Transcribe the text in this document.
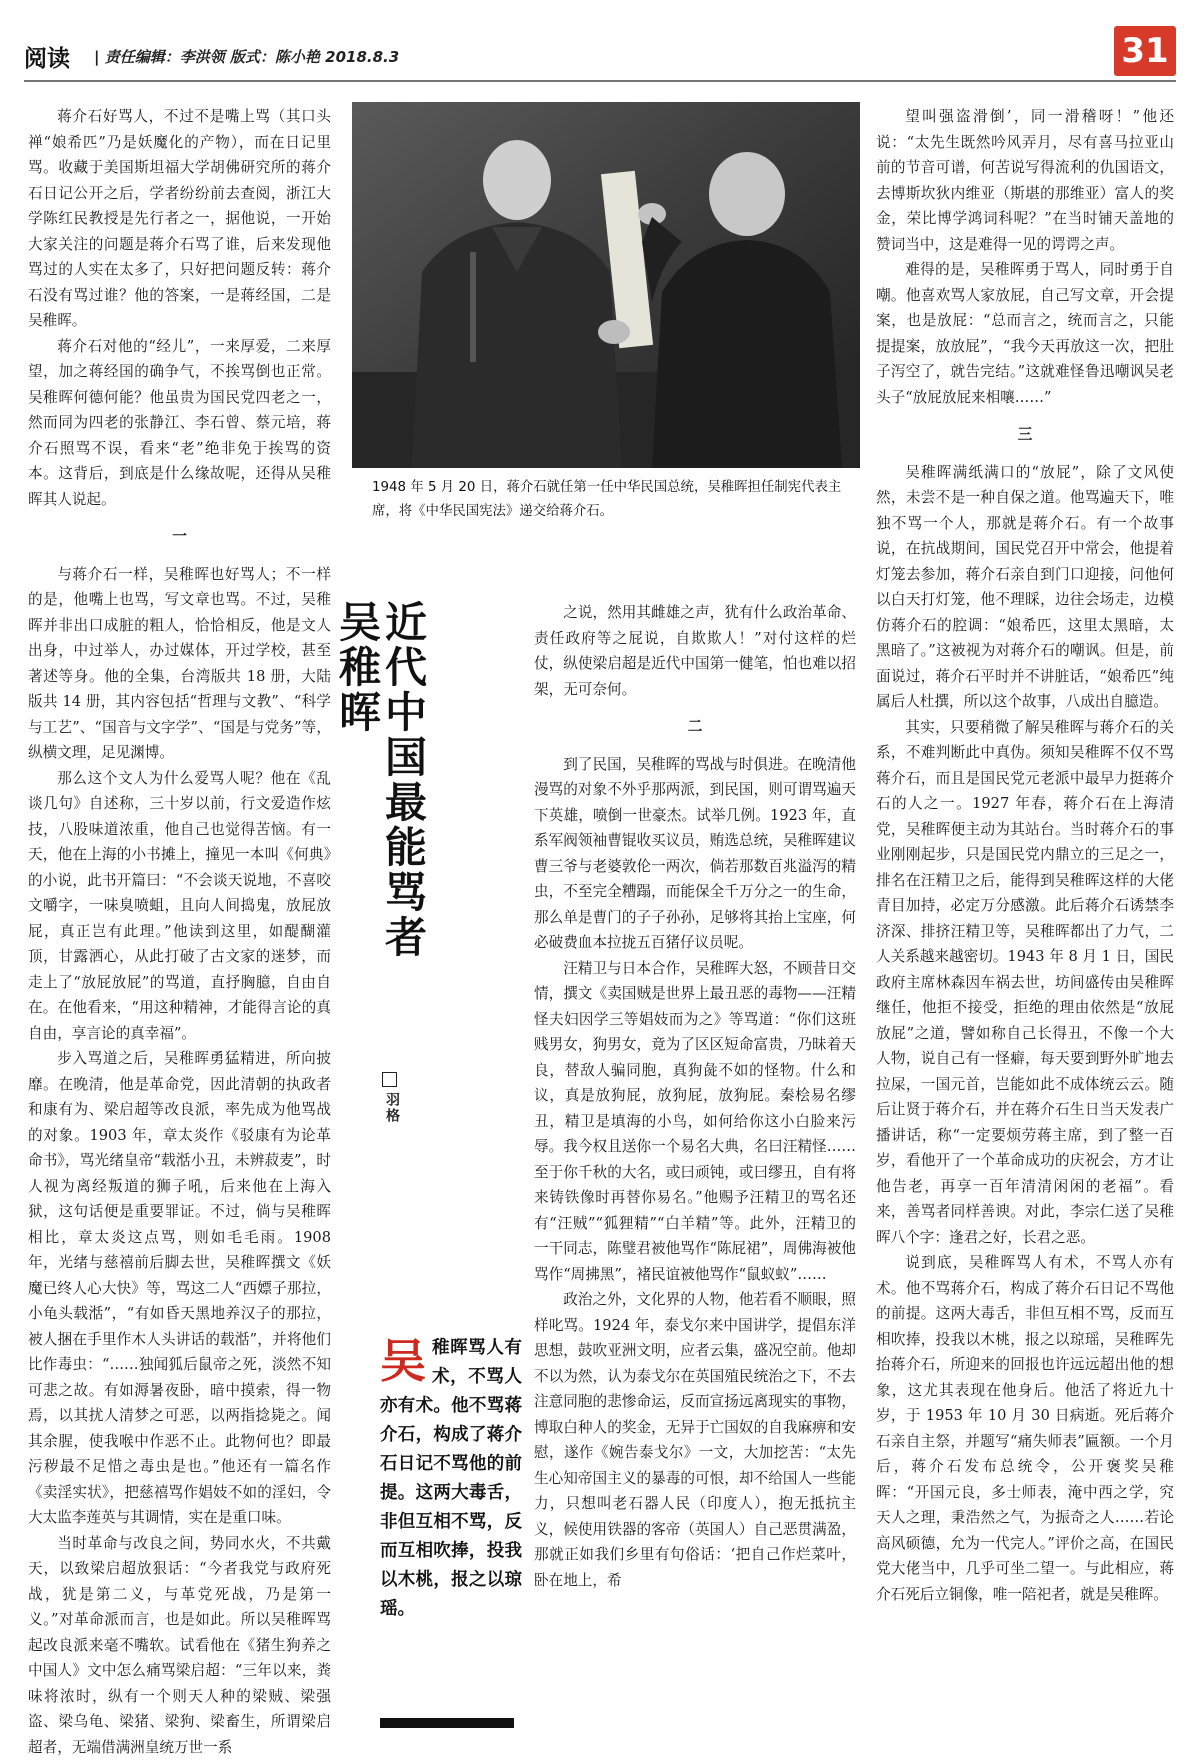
阅读 | 责任编辑：李洪领 版式：陈小艳 2018.8.3	31

蒋介石好骂人，不过不是嘴上骂（其口头禅“娘希匹”乃是妖魔化的产物），而在日记里骂。收藏于美国斯坦福大学胡佛研究所的蒋介石日记公开之后，学者纷纷前去查阅，浙江大学陈红民教授是先行者之一，据他说，一开始大家关注的问题是蒋介石骂了谁，后来发现他骂过的人实在太多了，只好把问题反转：蒋介石没有骂过谁？他的答案，一是蒋经国，二是吴稚晖。

蒋介石对他的“经儿”，一来厚爱，二来厚望，加之蒋经国的确争气，不挨骂倒也正常。吴稚晖何德何能？他虽贵为国民党四老之一，然而同为四老的张静江、李石曾、蔡元培，蒋介石照骂不误，看来“老”绝非免于挨骂的资本。这背后，到底是什么缘故呢，还得从吴稚晖其人说起。

一

与蒋介石一样，吴稚晖也好骂人；不一样的是，他嘴上也骂，写文章也骂。不过，吴稚晖并非出口成脏的粗人，恰恰相反，他是文人出身，中过举人，办过媒体，开过学校，甚至著述等身。他的全集，台湾版共 18 册，大陆版共 14 册，其内容包括“哲理与文教”、“科学与工艺”、“国音与文字学”、“国是与党务”等，纵横文理，足见渊博。

那么这个文人为什么爱骂人呢？他在《乱谈几句》自述称，三十岁以前，行文爱造作炫技，八股味道浓重，他自己也觉得苦恼。有一天，他在上海的小书摊上，撞见一本叫《何典》的小说，此书开篇曰：“不会谈天说地，不喜咬文嚼字，一味臭喷蛆，且向人间捣鬼，放屁放屁，真正岂有此理。”他读到这里，如醍醐灌顶，甘露洒心，从此打破了古文家的迷梦，而走上了“放屁放屁”的骂道，直抒胸臆，自由自在。在他看来，“用这种精神，才能得言论的真自由，享言论的真幸福”。

步入骂道之后，吴稚晖勇猛精进，所向披靡。在晚清，他是革命党，因此清朝的执政者和康有为、梁启超等改良派，率先成为他骂战的对象。1903 年，章太炎作《驳康有为论革命书》，骂光绪皇帝“载湉小丑，未辨菽麦”，时人视为离经叛道的狮子吼，后来他在上海入狱，这句话便是重要罪证。不过，倘与吴稚晖相比，章太炎这点骂，则如毛毛雨。1908 年，光绪与慈禧前后脚去世，吴稚晖撰文《妖魔已终人心大快》等，骂这二人“西嫖子那拉，小龟头载湉”，“有如昏天黑地养汉子的那拉，被人捆在手里作木人头讲话的载湉”，并将他们比作毒虫：“……独闻狐后鼠帝之死，淡然不知可悲之故。有如溽暑夜卧，暗中摸索，得一物焉，以其扰人清梦之可恶，以两指捻毙之。闻其余腥，使我喉中作恶不止。此物何也？即最污秽最不足惜之毒虫是也。”他还有一篇名作《卖淫实状》，把慈禧骂作娼妓不如的淫妇，令大太监李莲英与其调情，实在是重口味。

当时革命与改良之间，势同水火，不共戴天，以致梁启超放狠话：“今者我党与政府死战，犹是第二义，与革党死战，乃是第一义。”对革命派而言，也是如此。所以吴稚晖骂起改良派来毫不嘴软。试看他在《猪生狗养之中国人》文中怎么痛骂梁启超：“三年以来，粪味将浓时，纵有一个则天人种的梁贼、梁强盗、梁乌龟、梁猪、梁狗、梁畜生，所谓梁启超者，无端借满洲皇统万世一系

1948 年 5 月 20 日，蒋介石就任第一任中华民国总统，吴稚晖担任制宪代表主席，将《中华民国宪法》递交给蒋介石。
近代中国最能骂者吴稚晖
羽格
吴稚晖骂人有术，不骂人亦有术。他不骂蒋介石，构成了蒋介石日记不骂他的前提。这两大毒舌，非但互相不骂，反而互相吹捧，投我以木桃，报之以琼瑶。

之说，然用其雌雄之声，犹有什么政治革命、责任政府等之屁说，自欺欺人！”对付这样的烂仗，纵使梁启超是近代中国第一健笔，怕也难以招架，无可奈何。

二

到了民国，吴稚晖的骂战与时俱进。在晚清他漫骂的对象不外乎那两派，到民国，则可谓骂遍天下英雄，喷倒一世豪杰。试举几例。1923 年，直系军阀领袖曹锟收买议员，贿选总统，吴稚晖建议曹三爷与老婆敦伦一两次，倘若那数百兆溢泻的精虫，不至完全糟蹋，而能保全千万分之一的生命，那么单是曹门的子子孙孙，足够将其抬上宝座，何必破费血本拉拢五百猪仔议员呢。

汪精卫与日本合作，吴稚晖大怒，不顾昔日交情，撰文《卖国贼是世界上最丑恶的毒物——汪精怪夫妇因学三等娼妓而为之》等骂道：“你们这班贱男女，狗男女，竟为了区区短命富贵，乃昧着天良，替敌人骗同胞，真狗彘不如的怪物。什么和议，真是放狗屁，放狗屁，放狗屁。秦桧易名缪丑，精卫是填海的小鸟，如何给你这小白脸来污辱。我今权且送你一个易名大典，名曰汪精怪……至于你千秋的大名，或曰顽钝，或曰缪丑，自有将来铸铁像时再替你易名。”他赐予汪精卫的骂名还有“汪贼”“狐狸精”“白羊精”等。此外，汪精卫的一干同志，陈璧君被他骂作“陈屁裙”，周佛海被他骂作“周拂黑”，褚民谊被他骂作“鼠蚁蚁”……

政治之外，文化界的人物，他若看不顺眼，照样叱骂。1924 年，泰戈尔来中国讲学，提倡东洋思想，鼓吹亚洲文明，应者云集，盛况空前。他却不以为然，认为泰戈尔在英国殖民统治之下，不去注意同胞的悲惨命运，反而宣扬远离现实的事物，博取白种人的奖金，无异于亡国奴的自我麻痹和安慰，遂作《婉告泰戈尔》一文，大加挖苦：“太先生心知帝国主义的暴毒的可恨，却不给国人一些能力，只想叫老石器人民（印度人），抱无抵抗主义，候使用铁器的客帝（英国人）自己恶贯满盈，那就正如我们乡里有句俗话：‘把自己作烂菜叶，卧在地上，希

望叫强盗滑倒’，同一滑稽呀！”他还说：“太先生既然吟风弄月，尽有喜马拉亚山前的节音可谱，何苦说写得流利的仇国语文，去博斯坎狄内维亚（斯堪的那维亚）富人的奖金，荣比博学鸿词科呢？”在当时铺天盖地的赞词当中，这是难得一见的谔谔之声。

难得的是，吴稚晖勇于骂人，同时勇于自嘲。他喜欢骂人家放屁，自己写文章，开会提案，也是放屁：“总而言之，统而言之，只能提提案，放放屁”，“我今天再放这一次，把肚子泻空了，就告完结。”这就难怪鲁迅嘲讽吴老头子“放屁放屁来相嚷……”

三

吴稚晖满纸满口的“放屁”，除了文风使然，未尝不是一种自保之道。他骂遍天下，唯独不骂一个人，那就是蒋介石。有一个故事说，在抗战期间，国民党召开中常会，他提着灯笼去参加，蒋介石亲自到门口迎接，问他何以白天打灯笼，他不理睬，边往会场走，边模仿蒋介石的腔调：“娘希匹，这里太黑暗，太黑暗了。”这被视为对蒋介石的嘲讽。但是，前面说过，蒋介石平时并不讲脏话，“娘希匹”纯属后人杜撰，所以这个故事，八成出自臆造。

其实，只要稍微了解吴稚晖与蒋介石的关系，不难判断此中真伪。须知吴稚晖不仅不骂蒋介石，而且是国民党元老派中最早力挺蒋介石的人之一。1927 年春，蒋介石在上海清党，吴稚晖便主动为其站台。当时蒋介石的事业刚刚起步，只是国民党内鼎立的三足之一，排名在汪精卫之后，能得到吴稚晖这样的大佬青目加持，必定万分感激。此后蒋介石诱禁李济深、排挤汪精卫等，吴稚晖都出了力气，二人关系越来越密切。1943 年 8 月 1 日，国民政府主席林森因车祸去世，坊间盛传由吴稚晖继任，他拒不接受，拒绝的理由依然是“放屁放屁”之道，譬如称自己长得丑，不像一个大人物，说自己有一怪癖，每天要到野外旷地去拉屎，一国元首，岂能如此不成体统云云。随后让贤于蒋介石，并在蒋介石生日当天发表广播讲话，称“一定要烦劳蒋主席，到了整一百岁，看他开了一个革命成功的庆祝会，方才让他告老，再享一百年清清闲闲的老福”。看来，善骂者同样善谀。对此，李宗仁送了吴稚晖八个字：逢君之好，长君之恶。

说到底，吴稚晖骂人有术，不骂人亦有术。他不骂蒋介石，构成了蒋介石日记不骂他的前提。这两大毒舌，非但互相不骂，反而互相吹捧，投我以木桃，报之以琼瑶，吴稚晖先抬蒋介石，所迎来的回报也许远远超出他的想象，这尤其表现在他身后。他活了将近九十岁，于 1953 年 10 月 30 日病逝。死后蒋介石亲自主祭，并题写“痛失师表”匾额。一个月后，蒋介石发布总统令，公开褒奖吴稚晖：“开国元良，多士师表，淹中西之学，究天人之理，秉浩然之气，为振奇之人……若论高风硕德，允为一代完人。”评价之高，在国民党大佬当中，几乎可坐二望一。与此相应，蒋介石死后立铜像，唯一陪祀者，就是吴稚晖。
